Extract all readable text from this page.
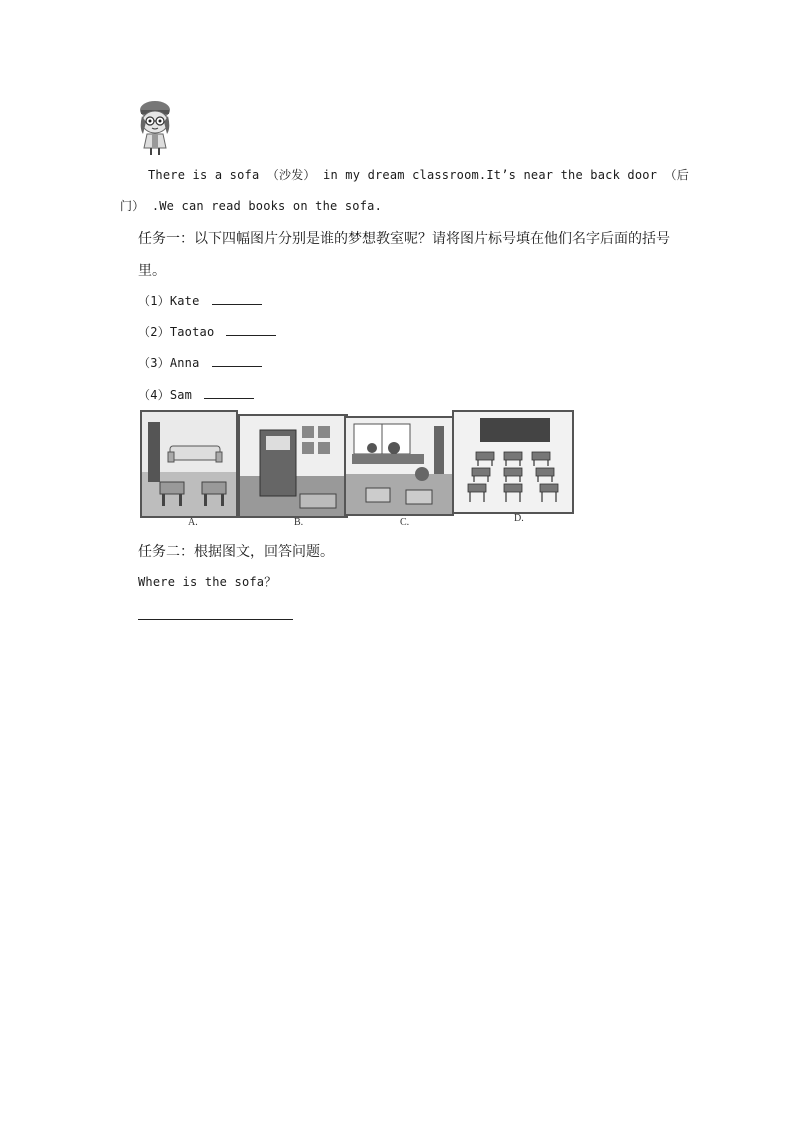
There is a sofa （沙发） in my dream classroom.It’s near the back door （后
门） .We can read books on the sofa.
任务一：以下四幅图片分别是谁的梦想教室呢？请将图片标号填在他们名字后面的括号
里。
（1）Kate
（2）Taotao
（3）Anna
（4）Sam
A.	B.	C.	D.
任务二：根据图文，回答问题。
Where is the sofa？
